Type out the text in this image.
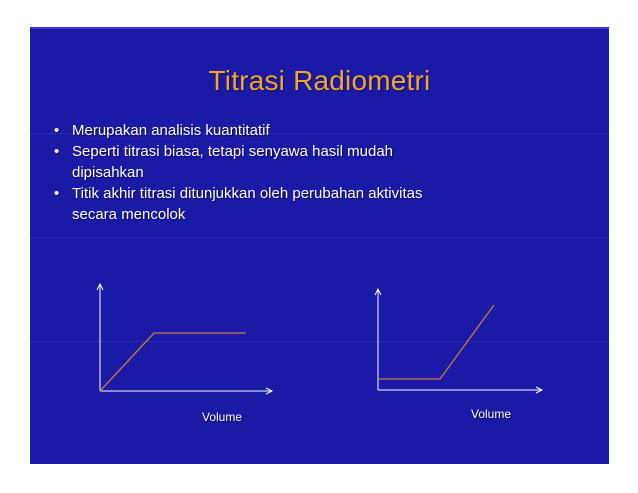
Titrasi Radiometri
• Merupakan analisis kuantitatif
• Seperti titrasi biasa, tetapi senyawa hasil mudah
dipisahkan
• Titik akhir titrasi ditunjukkan oleh perubahan aktivitas
secara mencolok
Volume	Volume
